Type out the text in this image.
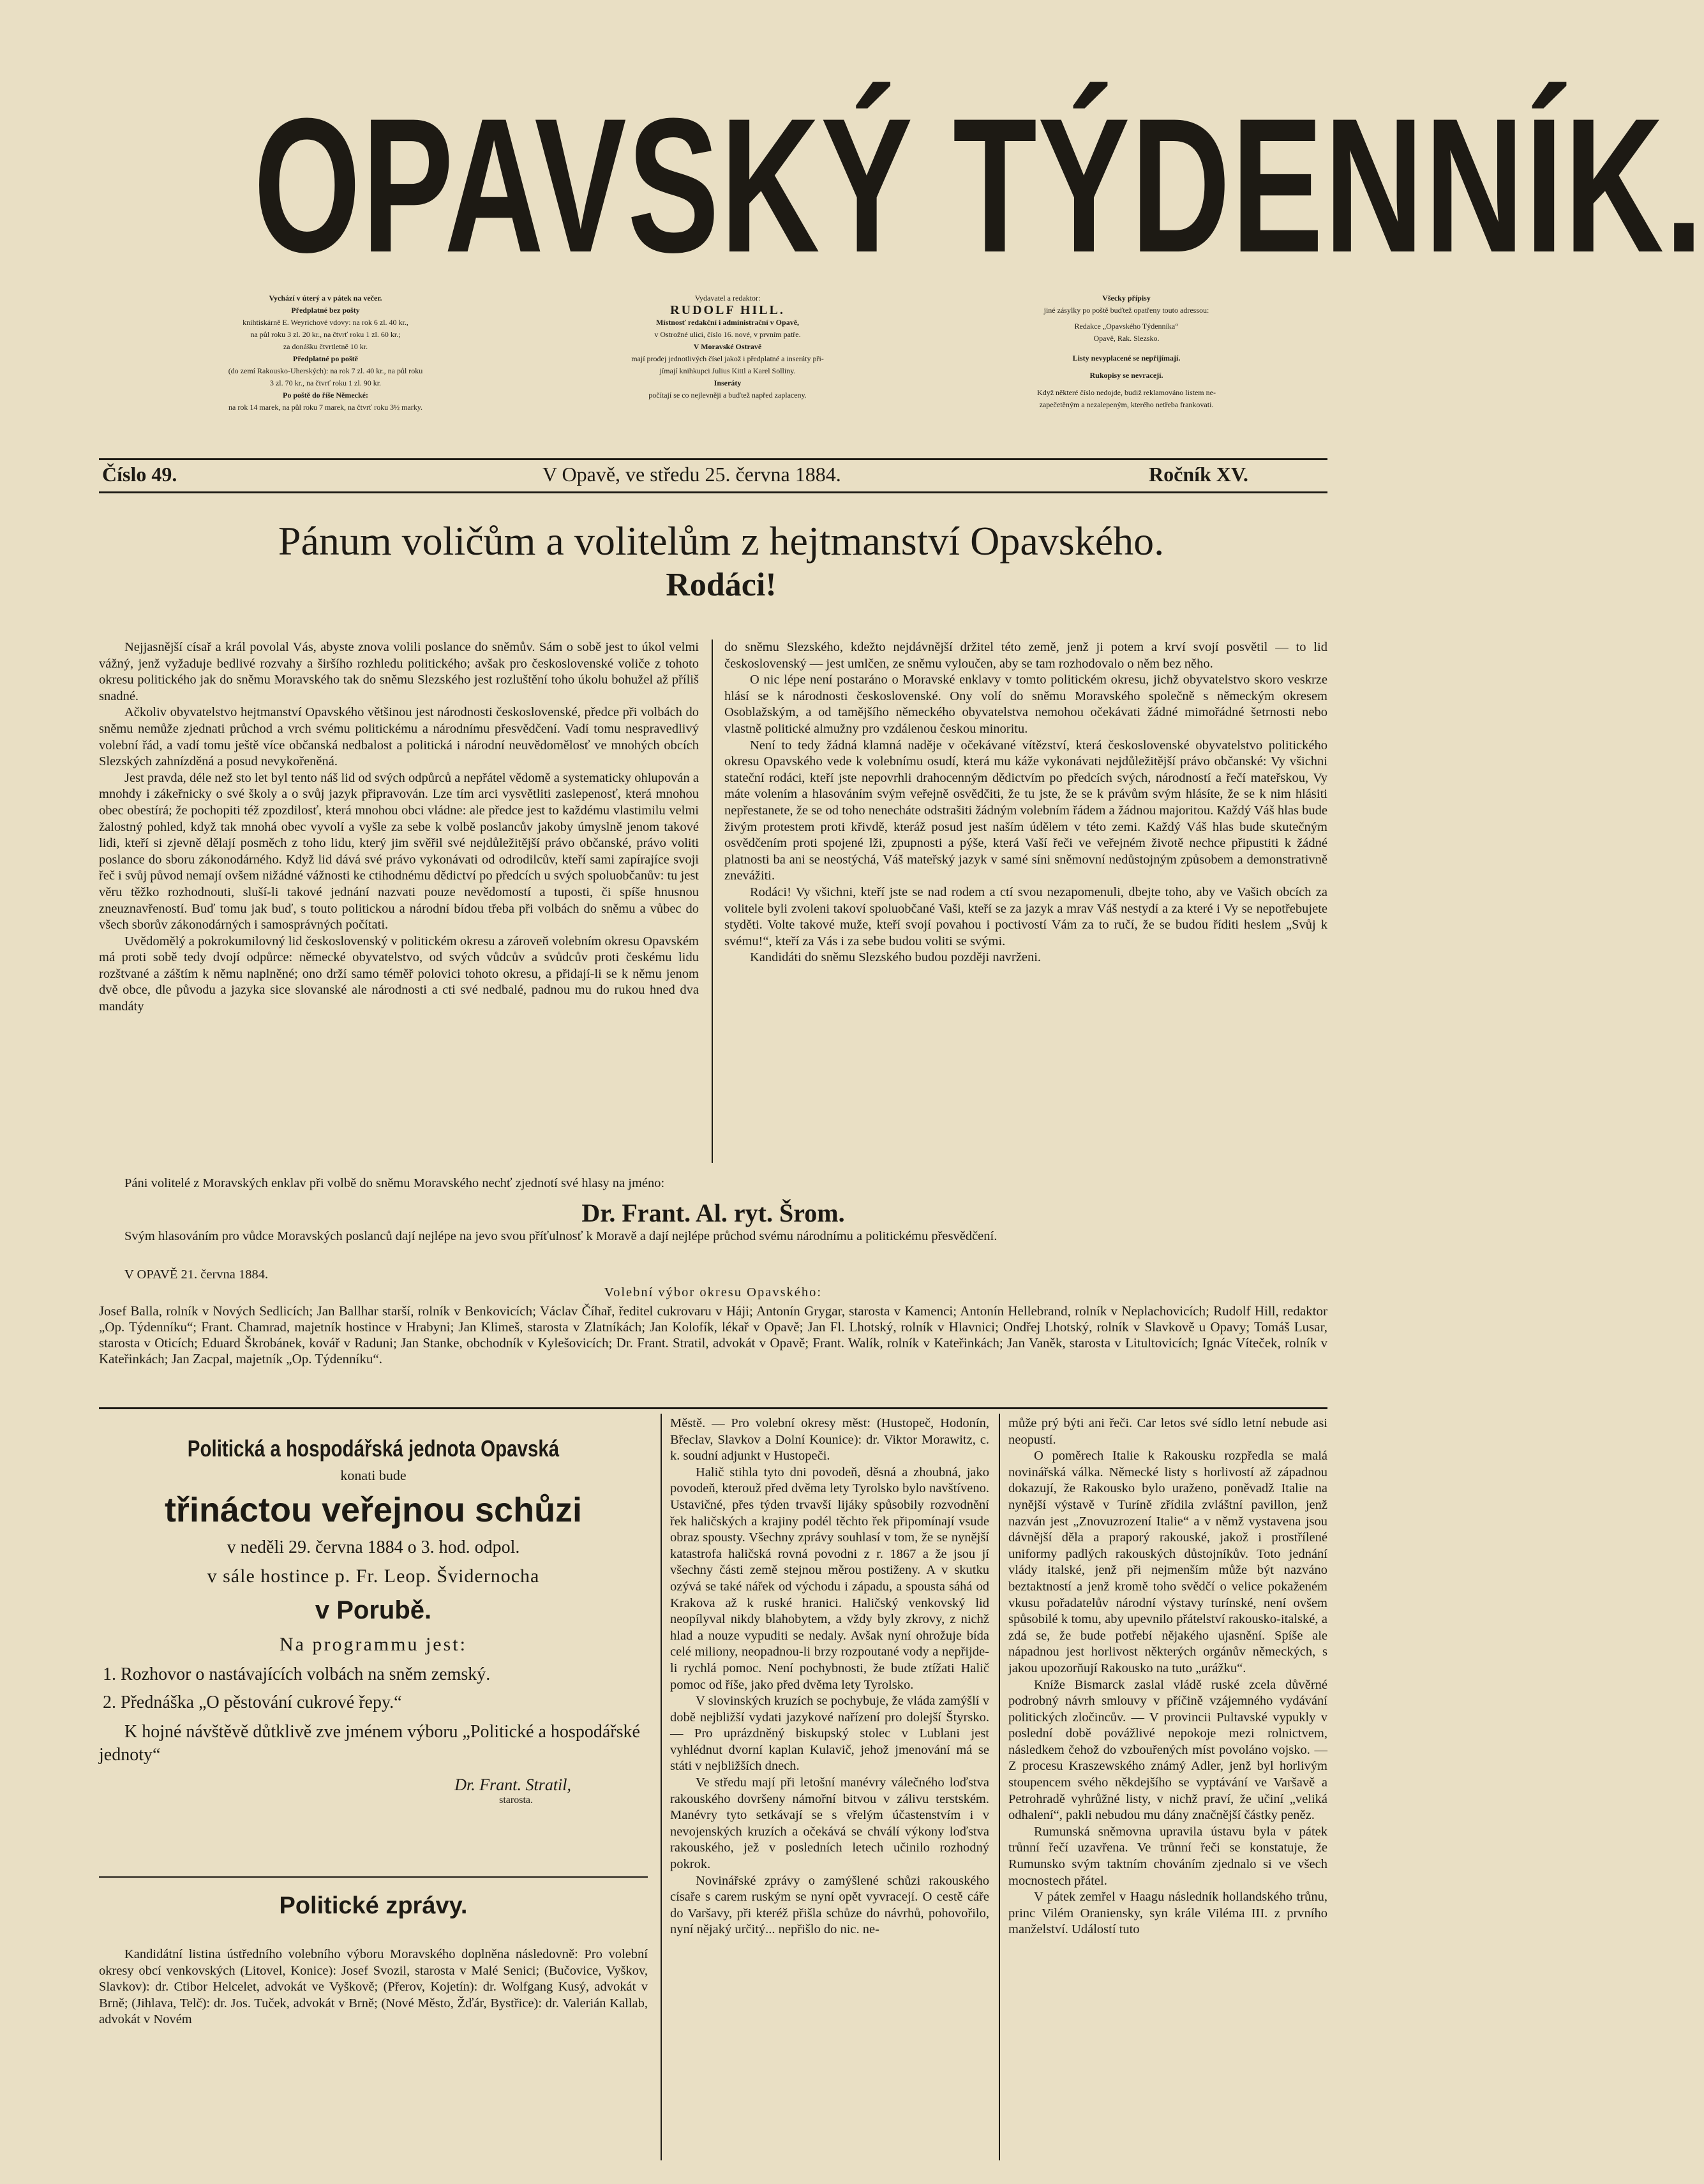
OPAVSKÝ TÝDENNÍK.
Vychází v úterý a v pátek na večer.
Předplatné bez pošty
knihtiskárně E. Weyrichové vdovy: na rok 6 zl. 40 kr.,
na půl roku 3 zl. 20 kr., na čtvrť roku 1 zl. 60 kr.;
za donášku čtvrtletně 10 kr.
Předplatné po poště
(do zemí Rakousko-Uherských): na rok 7 zl. 40 kr., na půl roku
3 zl. 70 kr., na čtvrť roku 1 zl. 90 kr.
Po poště do říše Německé:
na rok 14 marek, na půl roku 7 marek, na čtvrť roku 3½ marky.
Vydavatel a redaktor:
RUDOLF HILL.
Místnosť redakční i administrační v Opavě,
v Ostrožné ulici, číslo 16. nové, v prvním patře.
V Moravské Ostravě
mají prodej jednotlivých čísel jakož i předplatné a inseráty při-
jímají knihkupci Julius Kittl a Karel Solliny.
Inseráty
počítají se co nejlevněji a buďtež napřed zaplaceny.
Všecky přípisy
jiné zásylky po poště buďtež opatřeny touto adressou:
Redakce „Opavského Týdenníka“
Opavě, Rak. Slezsko.
Listy nevyplacené se nepřijímají.
Rukopisy se nevracejí.
Když některé číslo nedojde, budiž reklamováno listem ne-
zapečetěným a nezalepeným, kterého netřeba frankovati.
Číslo 49.	V Opavě, ve středu 25. června 1884.	Ročník XV.
Pánum voličům a volitelům z hejtmanství Opavského.
Rodáci!

Nejjasnější císař a král povolal Vás, abyste znova volili poslance do sněmův. Sám o sobě jest to úkol velmi vážný, jenž vyžaduje bedlivé rozvahy a širšího rozhledu politického; avšak pro československé voliče z tohoto okresu politického jak do sněmu Moravského tak do sněmu Slezského jest rozluštění toho úkolu bohužel až příliš snadné.

Ačkoliv obyvatelstvo hejtmanství Opavského většinou jest národnosti československé, předce při volbách do sněmu nemůže zjednati průchod a vrch svému politickému a národnímu přesvědčení. Vadí tomu nespravedlivý volební řád, a vadí tomu ještě více občanská nedbalost a politická i národní neuvědomělosť ve mnohých obcích Slezských zahnízděná a posud nevykořeněná.

Jest pravda, déle než sto let byl tento náš lid od svých odpůrců a nepřátel vědomě a systematicky ohlupován a mnohdy i zákeřnicky o své školy a o svůj jazyk připravován. Lze tím arci vysvětliti zaslepenosť, která mnohou obec obestírá; že pochopiti též zpozdilosť, která mnohou obci vládne: ale předce jest to každému vlastimilu velmi žalostný pohled, když tak mnohá obec vyvolí a vyšle za sebe k volbě poslancův jakoby úmyslně jenom takové lidi, kteří si zjevně dělají posměch z toho lidu, který jim svěřil své nejdůležitější právo občanské, právo voliti poslance do sboru zákonodárného. Když lid dává své právo vykonávati od odrodilcův, kteří sami zapírajíce svoji řeč i svůj původ nemají ovšem nižádné vážnosti ke ctihodnému dědictví po předcích u svých spoluobčanův: tu jest věru těžko rozhodnouti, sluší-li takové jednání nazvati pouze nevědomostí a tuposti, či spíše hnusnou zneuznavřeností. Buď tomu jak buď, s touto politickou a národní bídou třeba při volbách do sněmu a vůbec do všech sborův zákonodárných i samosprávných počítati.

Uvědomělý a pokrokumilovný lid československý v politickém okresu a zároveň volebním okresu Opavském má proti sobě tedy dvojí odpůrce: německé obyvatelstvo, od svých vůdcův a svůdcův proti českému lidu rozštvané a záštím k němu naplněné; ono drží samo téměř polovici tohoto okresu, a přidají-li se k němu jenom dvě obce, dle původu a jazyka sice slovanské ale národnosti a cti své nedbalé, padnou mu do rukou hned dva mandáty

do sněmu Slezského, kdežto nejdávnější držitel této země, jenž ji potem a krví svojí posvětil — to lid československý — jest umlčen, ze sněmu vyloučen, aby se tam rozhodovalo o něm bez něho.

O nic lépe není postaráno o Moravské enklavy v tomto politickém okresu, jichž obyvatelstvo skoro veskrze hlásí se k národnosti československé. Ony volí do sněmu Moravského společně s německým okresem Osoblažským, a od tamějšího německého obyvatelstva nemohou očekávati žádné mimořádné šetrnosti nebo vlastně politické almužny pro vzdálenou českou minoritu.

Není to tedy žádná klamná naděje v očekávané vítězství, která československé obyvatelstvo politického okresu Opavského vede k volebnímu osudí, která mu káže vykonávati nejdůležitější právo občanské: Vy všichni stateční rodáci, kteří jste nepovrhli drahocenným dědictvím po předcích svých, národností a řečí mateřskou, Vy máte volením a hlasováním svým veřejně osvědčiti, že tu jste, že se k právům svým hlásíte, že se k nim hlásiti nepřestanete, že se od toho nenecháte odstrašiti žádným volebním řádem a žádnou majoritou. Každý Váš hlas bude živým protestem proti křivdě, kteráž posud jest naším údělem v této zemi. Každý Váš hlas bude skutečným osvědčením proti spojené lži, zpupnosti a pýše, která Vaší řeči ve veřejném životě nechce připustiti k žádné platnosti ba ani se neostýchá, Váš mateřský jazyk v samé síni sněmovní nedůstojným způsobem a demonstrativně znevážiti.

Rodáci! Vy všichni, kteří jste se nad rodem a ctí svou nezapomenuli, dbejte toho, aby ve Vašich obcích za volitele byli zvoleni takoví spoluobčané Vaši, kteří se za jazyk a mrav Váš nestydí a za které i Vy se nepotřebujete styděti. Volte takové muže, kteří svojí povahou i poctivostí Vám za to ručí, že se budou říditi heslem „Svůj k svému!“, kteří za Vás i za sebe budou voliti se svými.

Kandidáti do sněmu Slezského budou později navrženi.

Páni volitelé z Moravských enklav při volbě do sněmu Moravského nechť zjednotí své hlasy na jméno:

Dr. Frant. Al. ryt. Šrom.

Svým hlasováním pro vůdce Moravských poslanců dají nejlépe na jevo svou příťulnosť k Moravě a dají nejlépe průchod svému národnímu a politickému přesvědčení.

V OPAVĚ 21. června 1884.
Volební výbor okresu Opavského:
Josef Balla, rolník v Nových Sedlicích; Jan Ballhar starší, rolník v Benkovicích; Václav Číhař, ředitel cukrovaru v Háji; Antonín Grygar, starosta v Kamenci; Antonín Hellebrand, rolník v Neplachovicích; Rudolf Hill, redaktor „Op. Týdenníku“; Frant. Chamrad, majetník hostince v Hrabyni; Jan Klimeš, starosta v Zlatníkách; Jan Kolofík, lékař v Opavě; Jan Fl. Lhotský, rolník v Hlavnici; Ondřej Lhotský, rolník v Slavkově u Opavy; Tomáš Lusar, starosta v Oticích; Eduard Škrobánek, kovář v Raduni; Jan Stanke, obchodník v Kylešovicích; Dr. Frant. Stratil, advokát v Opavě; Frant. Walík, rolník v Kateřinkách; Jan Vaněk, starosta v Litultovicích; Ignác Víteček, rolník v Kateřinkách; Jan Zacpal, majetník „Op. Týdenníku“.
Politická a hospodářská jednota Opavská
konati bude
třináctou veřejnou schůzi
v neděli 29. června 1884 o 3. hod. odpol.
v sále hostince p. Fr. Leop. Švidernocha
v Porubě.
Na programmu jest:
1. Rozhovor o nastávajících volbách na sněm zemský.
2. Přednáška „O pěstování cukrové řepy.“
K hojné návštěvě důtklivě zve jménem výboru „Politické a hospodářské jednoty“
Dr. Frant. Stratil,
starosta.
Politické zprávy.

Kandidátní listina ústředního volebního výboru Moravského doplněna následovně: Pro volební okresy obcí venkovských (Litovel, Konice): Josef Svozil, starosta v Malé Senici; (Bučovice, Vyškov, Slavkov): dr. Ctibor Helcelet, advokát ve Vyškově; (Přerov, Kojetín): dr. Wolfgang Kusý, advokát v Brně; (Jihlava, Telč): dr. Jos. Tuček, advokát v Brně; (Nové Město, Žďár, Bystřice): dr. Valerián Kallab, advokát v Novém

Městě. — Pro volební okresy měst: (Hustopeč, Hodonín, Břeclav, Slavkov a Dolní Kounice): dr. Viktor Morawitz, c. k. soudní adjunkt v Hustopeči.

Halič stihla tyto dni povodeň, děsná a zhoubná, jako povodeň, kterouž před dvěma lety Tyrolsko bylo navštíveno. Ustavičné, přes týden trvavší lijáky spůsobily rozvodnění řek haličských a krajiny podél těchto řek připomínají vsude obraz spousty. Všechny zprávy souhlasí v tom, že se nynější katastrofa haličská rovná povodni z r. 1867 a že jsou jí všechny části země stejnou měrou postiženy. A v skutku ozývá se také nářek od východu i západu, a spousta sáhá od Krakova až k ruské hranici. Haličský venkovský lid neopílyval nikdy blahobytem, a vždy byly zkrovy, z nichž hlad a nouze vypuditi se nedaly. Avšak nyní ohrožuje bída celé miliony, neopadnou-li brzy rozpoutané vody a nepřijde-li rychlá pomoc. Není pochybnosti, že bude ztížati Halič pomoc od říše, jako před dvěma lety Tyrolsko.

V slovinských kruzích se pochybuje, že vláda zamýšlí v době nejbližší vydati jazykové nařízení pro dolejší Štyrsko. — Pro uprázdněný biskupský stolec v Lublani jest vyhlédnut dvorní kaplan Kulavič, jehož jmenování má se státi v nejbližších dnech.

Ve středu mají při letošní manévry válečného loďstva rakouského dovršeny námořní bitvou v zálivu terstském. Manévry tyto setkávají se s vřelým účastenstvím i v nevojenských kruzích a očekává se chválí výkony loďstva rakouského, jež v posledních letech učinilo rozhodný pokrok.

Novinářské zprávy o zamýšlené schůzi rakouského císaře s carem ruským se nyní opět vyvracejí. O cestě cáře do Varšavy, při kteréž přišla schůze do návrhů, pohovořilo, nyní nějaký určitý... nepřišlo do nic. ne-

může prý býti ani řeči. Car letos své sídlo letní nebude asi neopustí.

O poměrech Italie k Rakousku rozpředla se malá novinářská válka. Německé listy s horlivostí až západnou dokazují, že Rakousko bylo uraženo, poněvadž Italie na nynější výstavě v Turíně zřídila zvláštní pavillon, jenž nazván jest „Znovuzrození Italie“ a v němž vystavena jsou dávnější děla a praporý rakouské, jakož i prostřílené uniformy padlých rakouských důstojníkův. Toto jednání vlády italské, jenž při nejmenším může být nazváno beztaktností a jenž kromě toho svědčí o velice pokaženém vkusu pořadatelův národní výstavy turínské, není ovšem spůsobilé k tomu, aby upevnilo přátelství rakousko-italské, a zdá se, že bude potřebí nějakého ujasnění. Spíše ale nápadnou jest horlivost některých orgánův německých, s jakou upozorňují Rakousko na tuto „urážku“.

Kníže Bismarck zaslal vládě ruské zcela důvěrné podrobný návrh smlouvy v příčině vzájemného vydávání politických zločincův. — V provincii Pultavské vypukly v poslední době povážlivé nepokoje mezi rolnictvem, následkem čehož do vzbouřených míst povoláno vojsko. — Z procesu Kraszewského známý Adler, jenž byl horlivým stoupencem svého někdejšího se vyptávání ve Varšavě a Petrohradě vyhrůžné listy, v nichž praví, že učiní „veliká odhalení“, pakli nebudou mu dány značnější částky peněz.

Rumunská sněmovna upravila ústavu byla v pátek trůnní řečí uzavřena. Ve trůnní řeči se konstatuje, že Rumunsko svým taktním chováním zjednalo si ve všech mocnostech přátel.

V pátek zemřel v Haagu následník hollandského trůnu, princ Vilém Oraniensky, syn krále Viléma III. z prvního manželství. Událostí tuto
